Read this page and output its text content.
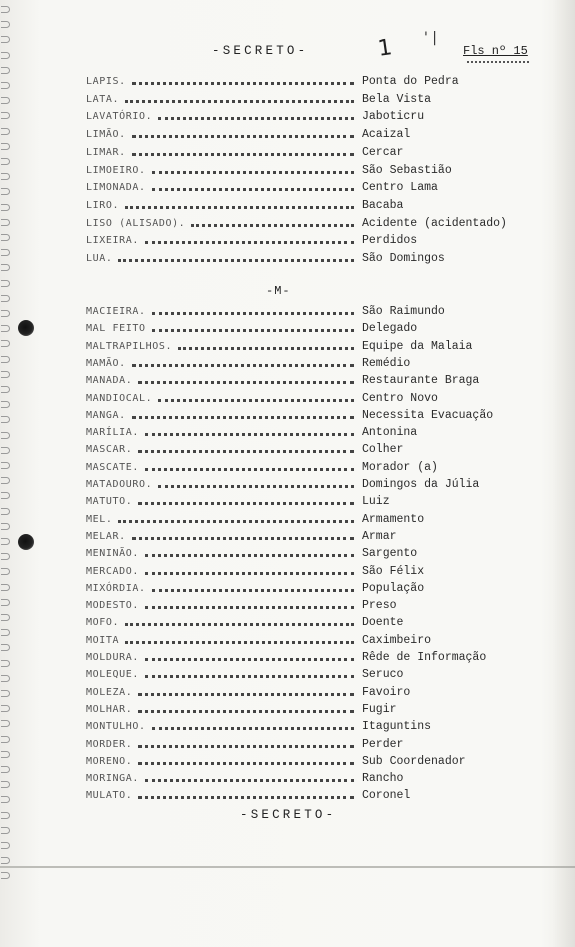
-SECRETO-	1 ' |
Fls nº 15
LAPIS.	Ponta do Pedra
LATA.	Bela Vista
LAVATÓRIO.	Jaboticru
LIMÃO.	Acaizal
LIMAR.	Cercar
LIMOEIRO.	São Sebastião
LIMONADA.	Centro Lama
LIRO.	Bacaba
LISO (ALISADO).	Acidente (acidentado)
LIXEIRA.	Perdidos
LUA.	São Domingos
-M-
MACIEIRA.	São Raimundo
MAL FEITO	Delegado
MALTRAPILHOS.	Equipe da Malaia
MAMÃO.	Remédio
MANADA.	Restaurante Braga
MANDIOCAL.	Centro Novo
MANGA.	Necessita Evacuação
MARÍLIA.	Antonina
MASCAR.	Colher
MASCATE.	Morador (a)
MATADOURO.	Domingos da Júlia
MATUTO.	Luiz
MEL.	Armamento
MELAR.	Armar
MENINÃO.	Sargento
MERCADO.	São Félix
MIXÓRDIA.	População
MODESTO.	Preso
MOFO.	Doente
MOITA	Caximbeiro
MOLDURA.	Rêde de Informação
MOLEQUE.	Seruco
MOLEZA.	Favoiro
MOLHAR.	Fugir
MONTULHO.	Itaguntins
MORDER.	Perder
MORENO.	Sub Coordenador
MORINGA.	Rancho
MULATO.	Coronel
-SECRETO-
